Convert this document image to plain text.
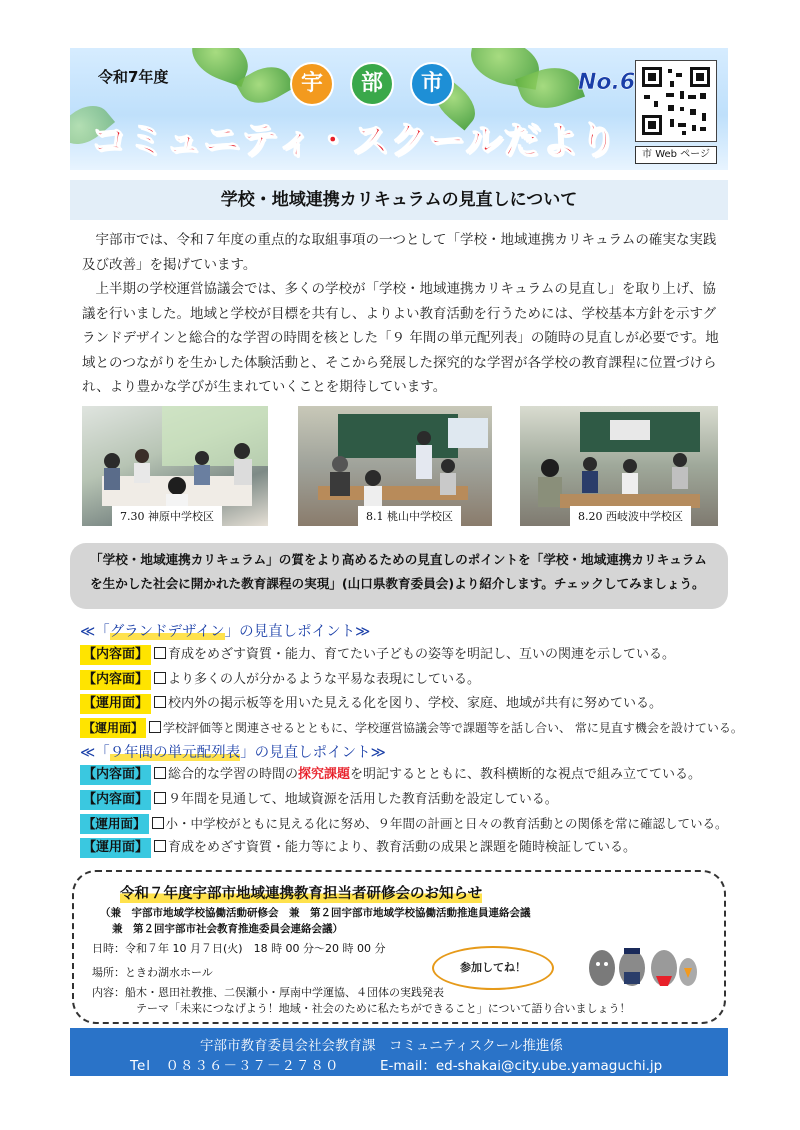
令和7年度	宇	部	市	No.6
コミュニティ・スクールだより	市 Web ページ
学校・地域連携カリキュラムの見直しについて
宇部市では、令和７年度の重点的な取組事項の一つとして「学校・地域連携カリキュラムの確実な実践及び改善」を掲げています。
上半期の学校運営協議会では、多くの学校が「学校・地域連携カリキュラムの見直し」を取り上げ、協議を行いました。地域と学校が目標を共有し、よりよい教育活動を行うためには、学校基本方針を示すグランドデザインと総合的な学習の時間を核とした「９ 年間の単元配列表」の随時の見直しが必要です。地域とのつながりを生かした体験活動と、そこから発展した探究的な学習が各学校の教育課程に位置づけられ、より豊かな学びが生まれていくことを期待しています。
7.30 神原中学校区	8.1 桃山中学校区	8.20 西岐波中学校区
「学校・地域連携カリキュラム」の質をより高めるための見直しのポイントを「学校・地域連携カリキュラム
を生かした社会に開かれた教育課程の実現」(山口県教育委員会)より紹介します。チェックしてみましょう。
≪「グランドデザイン」の見直しポイント≫
【内容面】 育成をめざす資質・能力、育てたい子どもの姿等を明記し、互いの関連を示している。
【内容面】 より多くの人が分かるような平易な表現にしている。
【運用面】 校内外の掲示板等を用いた見える化を図り、学校、家庭、地域が共有に努めている。
【運用面】 学校評価等と関連させるとともに、学校運営協議会等で課題等を話し合い、 常に見直す機会を設けている。
≪「９年間の単元配列表」の見直しポイント≫
【内容面】 総合的な学習の時間の探究課題を明記するとともに、教科横断的な視点で組み立てている。
【内容面】 ９年間を見通して、地域資源を活用した教育活動を設定している。
【運用面】 小・中学校がともに見える化に努め、９年間の計画と日々の教育活動との関係を常に確認している。
【運用面】 育成をめざす資質・能力等により、教育活動の成果と課題を随時検証している。
令和７年度宇部市地域連携教育担当者研修会のお知らせ
（兼　宇部市地域学校協働活動研修会　兼　第２回宇部市地域学校協働活動推進員連絡会議
兼　第２回宇部市社会教育推進委員会連絡会議）
日時：令和７年 10 月７日(火)　18 時 00 分～20 時 00 分
場所：ときわ湖水ホール
内容：船木・恩田社教推、二俣瀬小・厚南中学運協、４団体の実践発表
テーマ「未来につなげよう！地域・社会のために私たちができること」について語り合いましょう！
参加してね！
宇部市教育委員会社会教育課　コミュニティスクール推進係
Tel　０８３６－３７－２７８０	E-mail：ed-shakai@city.ube.yamaguchi.jp
